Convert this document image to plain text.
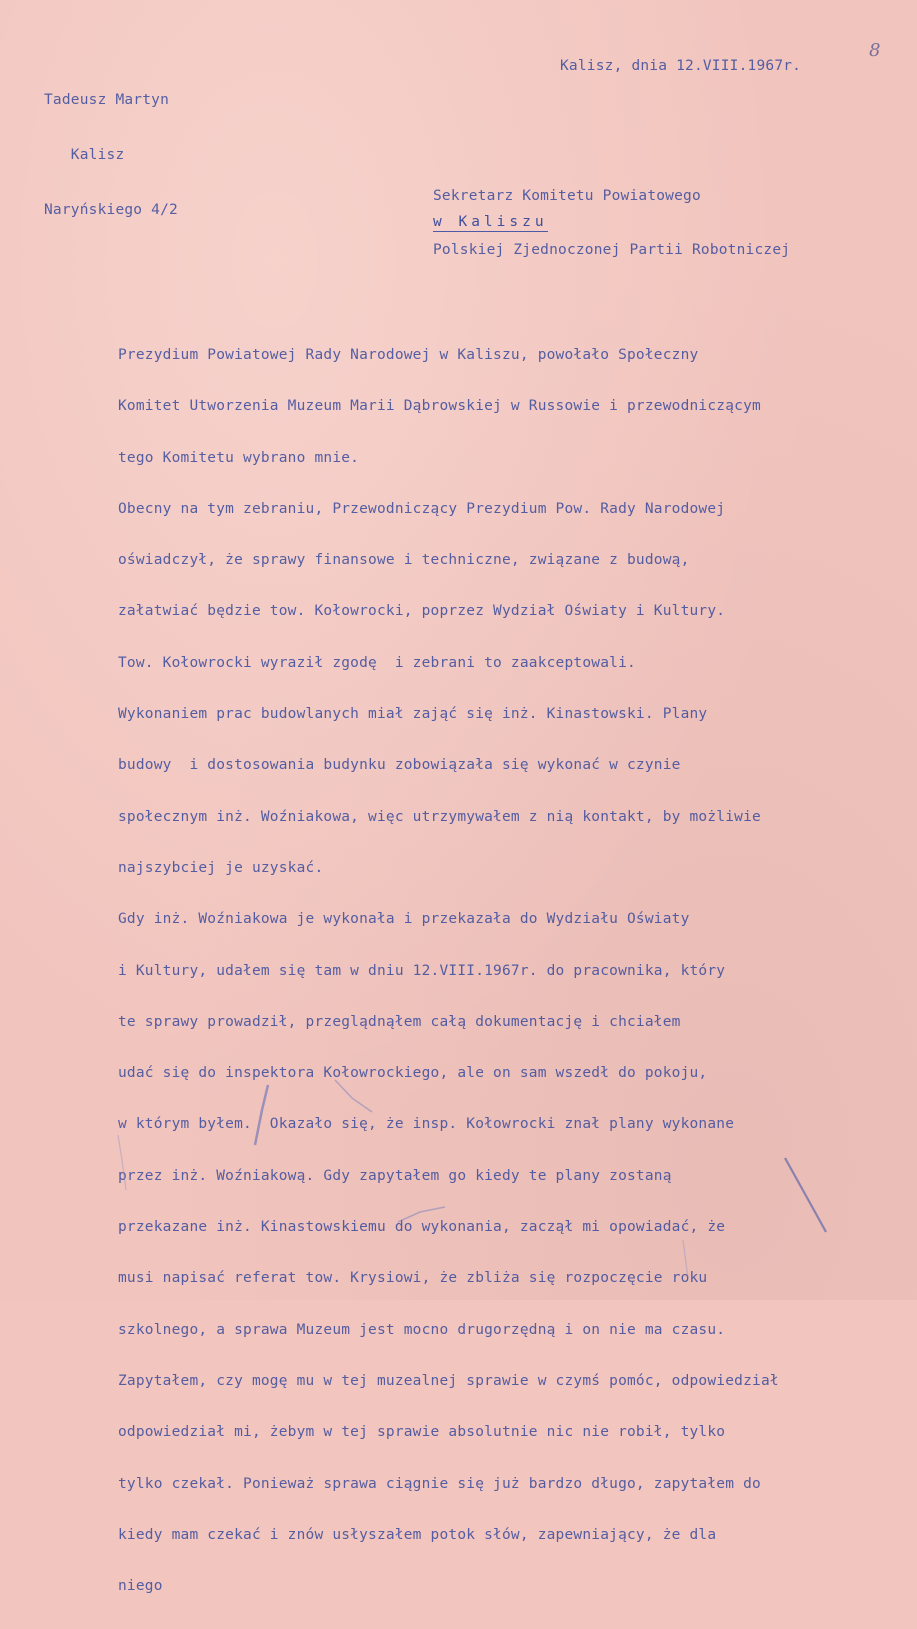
8

Tadeusz Martyn

Kalisz

Naryńskiego 4/2

Kalisz, dnia 12.VIII.1967r.

Sekretarz Komitetu Powiatowego

Polskiej Zjednoczonej Partii Robotniczej

w Kaliszu

Prezydium Powiatowej Rady Narodowej w Kaliszu, powołało Społeczny

Komitet Utworzenia Muzeum Marii Dąbrowskiej w Russowie i przewodniczącym

tego Komitetu wybrano mnie.

Obecny na tym zebraniu, Przewodniczący Prezydium Pow. Rady Narodowej

oświadczył, że sprawy finansowe i techniczne, związane z budową,

załatwiać będzie tow. Kołowrocki, poprzez Wydział Oświaty i Kultury.

Tow. Kołowrocki wyraził zgodę  i zebrani to zaakceptowali.

Wykonaniem prac budowlanych miał zająć się inż. Kinastowski. Plany

budowy  i dostosowania budynku zobowiązała się wykonać w czynie

społecznym inż. Woźniakowa, więc utrzymywałem z nią kontakt, by możliwie

najszybciej je uzyskać.

Gdy inż. Woźniakowa je wykonała i przekazała do Wydziału Oświaty

i Kultury, udałem się tam w dniu 12.VIII.1967r. do pracownika, który

te sprawy prowadził, przeglądnąłem całą dokumentację i chciałem

udać się do inspektora Kołowrockiego, ale on sam wszedł do pokoju,

w którym byłem.  Okazało się, że insp. Kołowrocki znał plany wykonane

przez inż. Woźniakową. Gdy zapytałem go kiedy te plany zostaną

przekazane inż. Kinastowskiemu do wykonania, zaczął mi opowiadać, że

musi napisać referat tow. Krysiowi, że zbliża się rozpoczęcie roku

szkolnego, a sprawa Muzeum jest mocno drugorzędną i on nie ma czasu.

Zapytałem, czy mogę mu w tej muzealnej sprawie w czymś pomóc, odpowiedział

odpowiedział mi, żebym w tej sprawie absolutnie nic nie robił, tylko

tylko czekał. Ponieważ sprawa ciągnie się już bardzo długo, zapytałem do

kiedy mam czekać i znów usłyszałem potok słów, zapewniający, że dla

niego
